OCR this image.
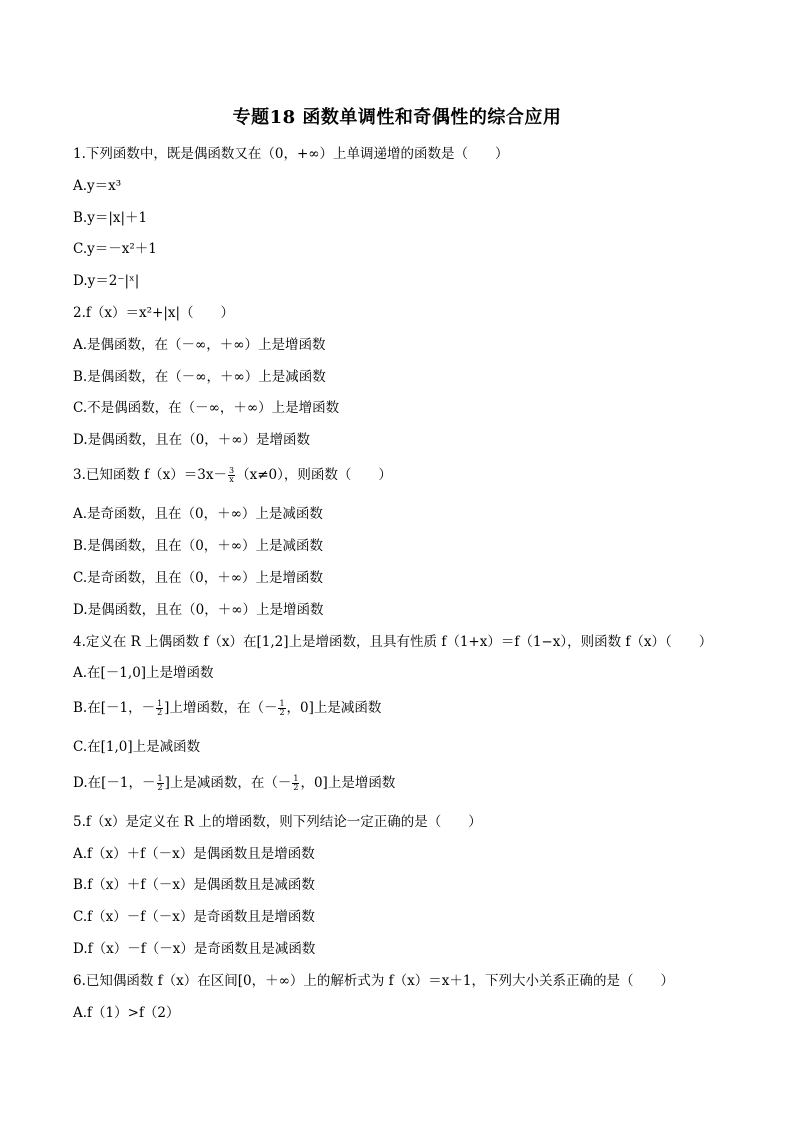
专题18 函数单调性和奇偶性的综合应用
1.下列函数中，既是偶函数又在（0，+∞）上单调递增的函数是（　　）
A.y＝x³
B.y＝|x|＋1
C.y＝－x²＋1
D.y＝2⁻|ˣ|
2.f（x）＝x²+|x|（　　）
A.是偶函数，在（－∞，＋∞）上是增函数
B.是偶函数，在（－∞，＋∞）上是减函数
C.不是偶函数，在（－∞，＋∞）上是增函数
D.是偶函数，且在（0，＋∞）是增函数
3.已知函数 $f(x)=3x- \frac{3}{x} (x\ne 0)$，则函数（　　）
A.是奇函数，且在（0，＋∞）上是减函数
B.是偶函数，且在（0，＋∞）上是减函数
C.是奇函数，且在（0，＋∞）上是增函数
D.是偶函数，且在（0，＋∞）上是增函数
4.定义在 R 上偶函数 f（x）在[1,2]上是增函数，且具有性质 f（1+x）＝f（1−x），则函数 f（x）（　　）
A.在[－1,0]上是增函数
B.在[－1，－ $\frac{1}{2}$ ]上增函数，在（－ $\frac{1}{2}$ ，0]上是减函数
C.在[1,0]上是减函数
D.在[－1，－ $\frac{1}{2}$ ]上是减函数，在（－ $\frac{1}{2}$ ，0]上是增函数
5.f（x）是定义在 R 上的增函数，则下列结论一定正确的是（　　）
A.f（x）＋f（－x）是偶函数且是增函数
B.f（x）＋f（－x）是偶函数且是减函数
C.f（x）－f（－x）是奇函数且是增函数
D.f（x）－f（－x）是奇函数且是减函数
6.已知偶函数 f（x）在区间[0，＋∞）上的解析式为 f（x）＝x＋1，下列大小关系正确的是（　　）
A.f（1）>f（2）
